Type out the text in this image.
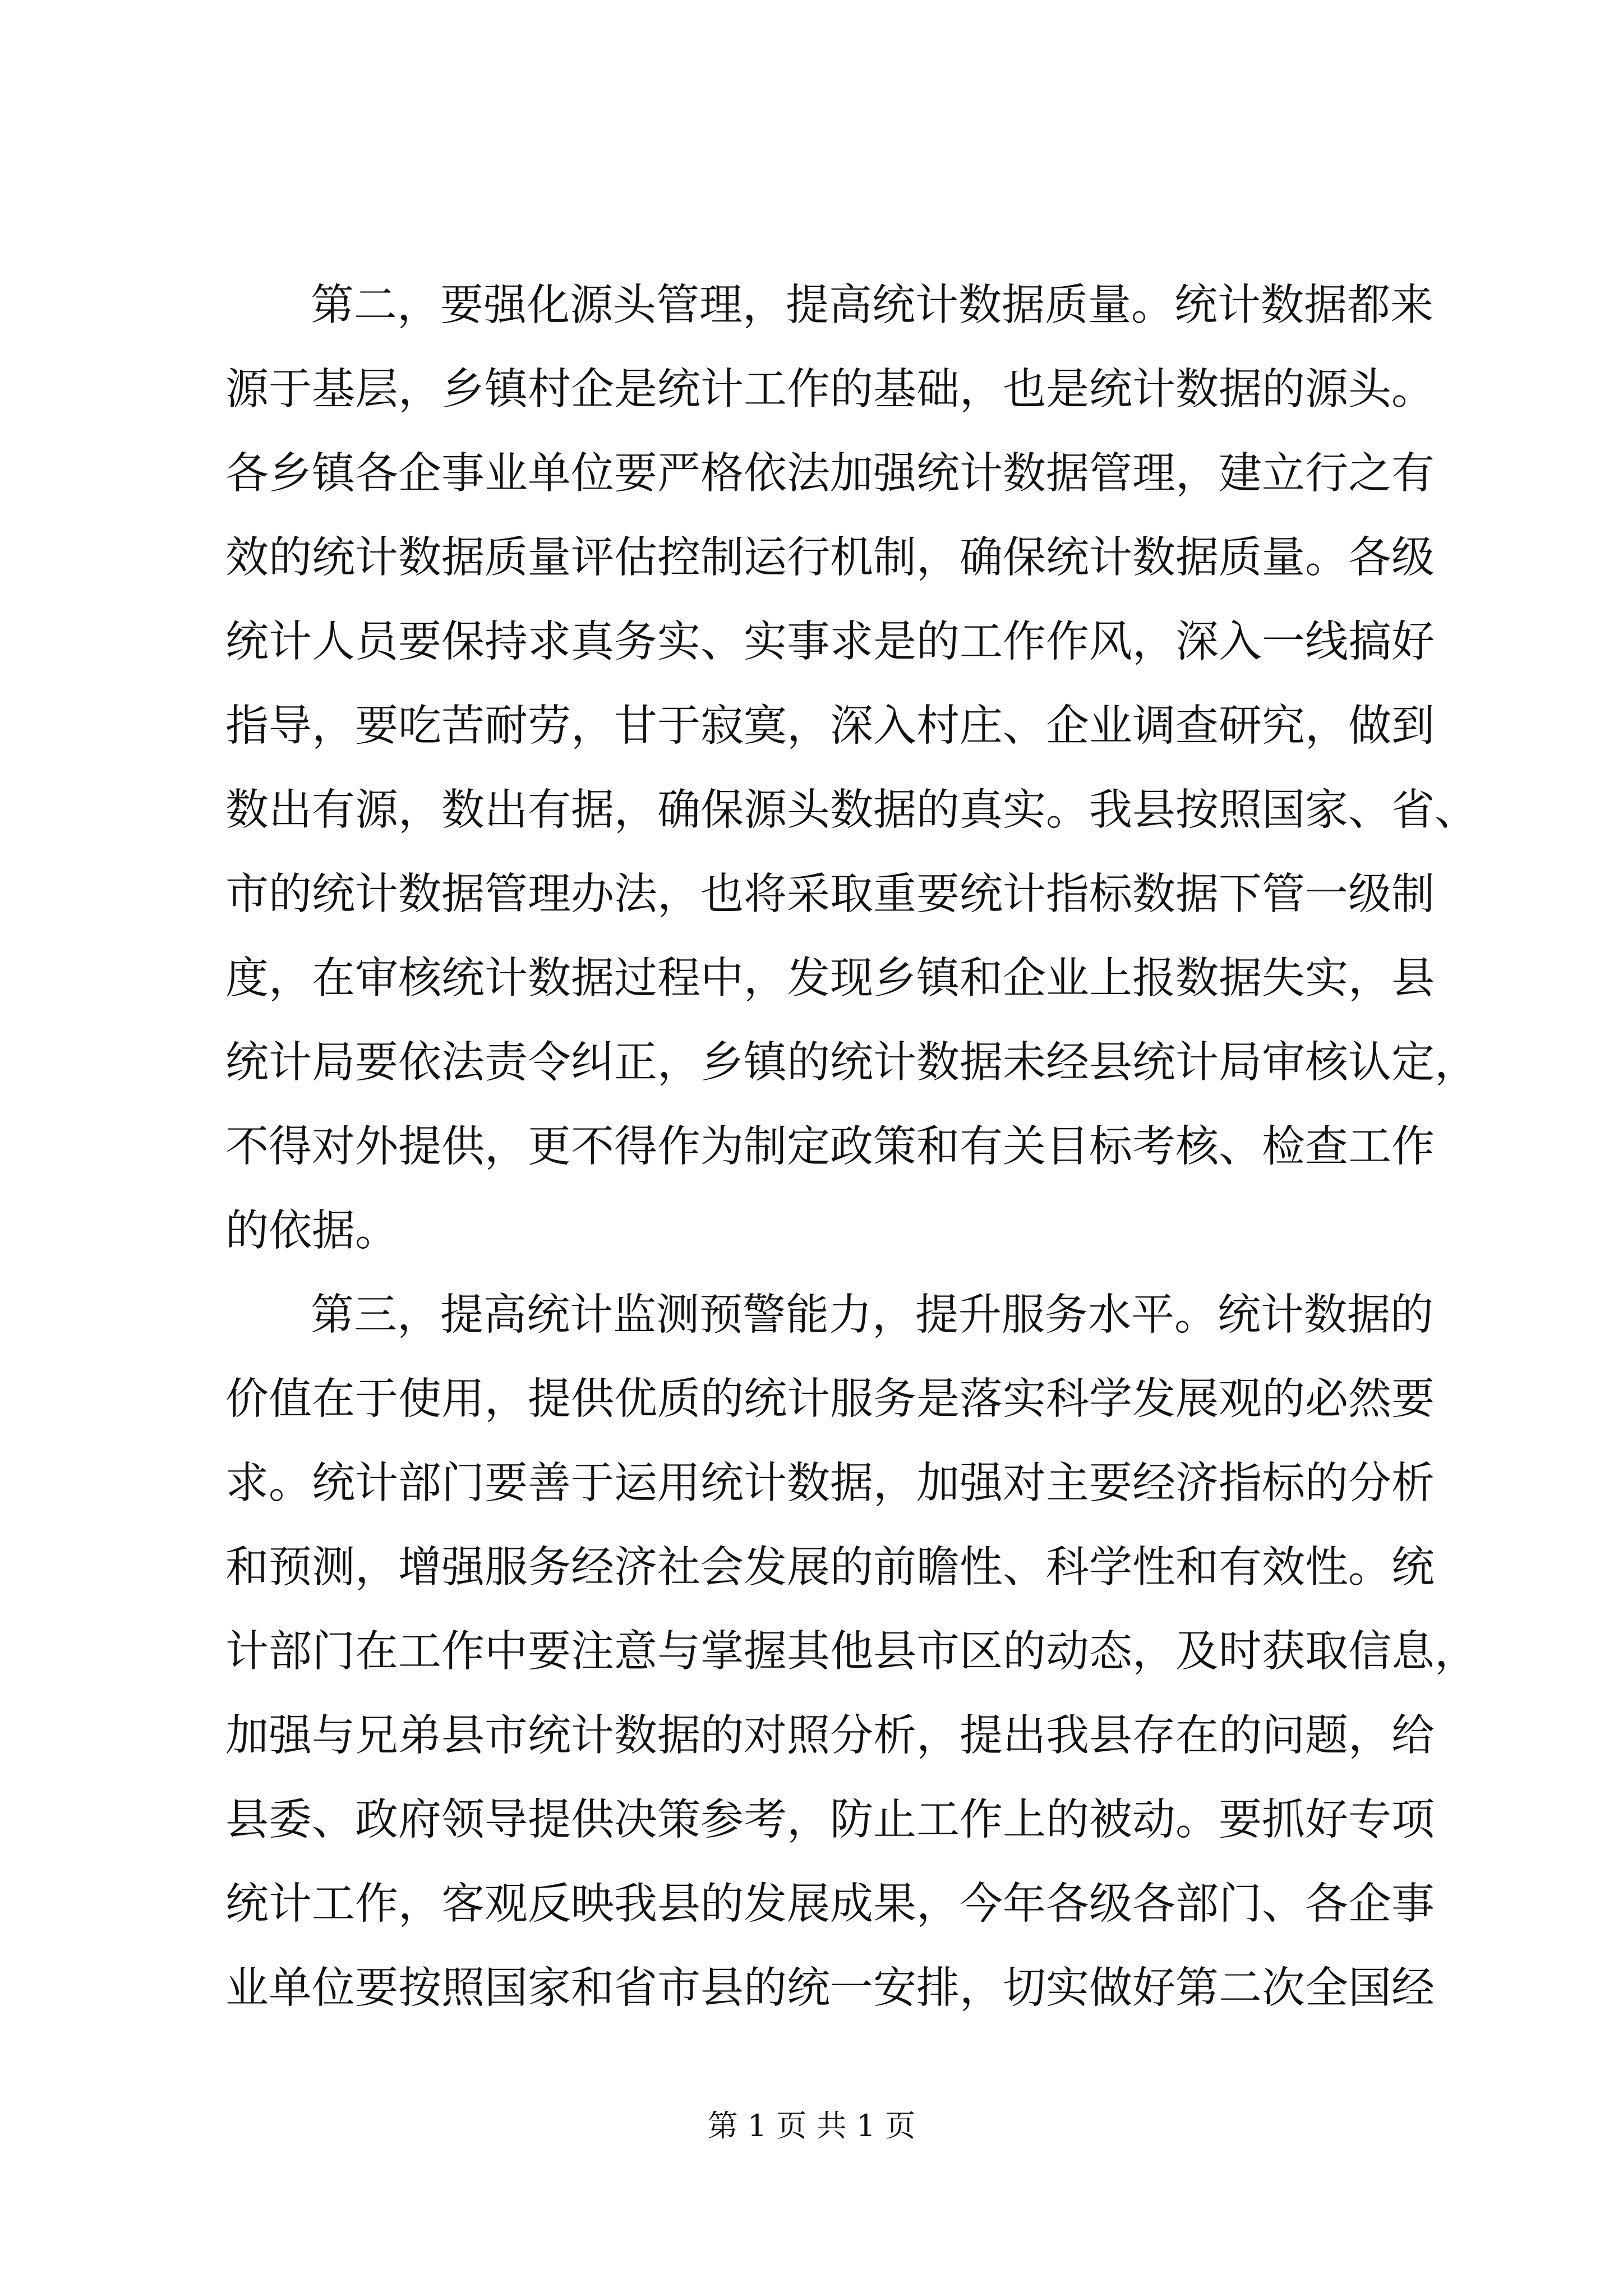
第二，要强化源头管理，提高统计数据质量。统计数据都来
源于基层，乡镇村企是统计工作的基础，也是统计数据的源头。
各乡镇各企事业单位要严格依法加强统计数据管理，建立行之有
效的统计数据质量评估控制运行机制，确保统计数据质量。各级
统计人员要保持求真务实、实事求是的工作作风，深入一线搞好
指导，要吃苦耐劳，甘于寂寞，深入村庄、企业调查研究，做到
数出有源，数出有据，确保源头数据的真实。我县按照国家、省、
市的统计数据管理办法，也将采取重要统计指标数据下管一级制
度，在审核统计数据过程中，发现乡镇和企业上报数据失实，县
统计局要依法责令纠正，乡镇的统计数据未经县统计局审核认定，
不得对外提供，更不得作为制定政策和有关目标考核、检查工作
的依据。
第三，提高统计监测预警能力，提升服务水平。统计数据的
价值在于使用，提供优质的统计服务是落实科学发展观的必然要
求。统计部门要善于运用统计数据，加强对主要经济指标的分析
和预测，增强服务经济社会发展的前瞻性、科学性和有效性。统
计部门在工作中要注意与掌握其他县市区的动态，及时获取信息，
加强与兄弟县市统计数据的对照分析，提出我县存在的问题，给
县委、政府领导提供决策参考，防止工作上的被动。要抓好专项
统计工作，客观反映我县的发展成果，今年各级各部门、各企事
业单位要按照国家和省市县的统一安排，切实做好第二次全国经
第 1 页 共 1 页
